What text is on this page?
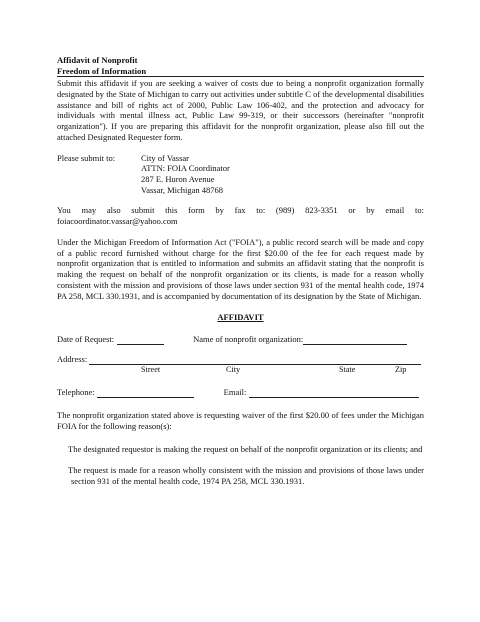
Affidavit of Nonprofit
Freedom of Information
Submit this affidavit if you are seeking a waiver of costs due to being a nonprofit organization formally designated by the State of Michigan to carry out activities under subtitle C of the developmental disabilities assistance and bill of rights act of 2000, Public Law 106-402, and the protection and advocacy for individuals with mental illness act, Public Law 99-319, or their successors (hereinafter "nonprofit organization"). If you are preparing this affidavit for the nonprofit organization, please also fill out the attached Designated Requester form.
Please submit to:	City of Vassar
ATTN: FOIA Coordinator
287 E. Huron Avenue
Vassar, Michigan 48768
You may also submit this form by fax to: (989) 823-3351 or by email to: foiacoordinator.vassar@yahoo.com
Under the Michigan Freedom of Information Act ("FOIA"), a public record search will be made and copy of a public record furnished without charge for the first $20.00 of the fee for each request made by nonprofit organization that is entitled to information and submits an affidavit stating that the nonprofit is making the request on behalf of the nonprofit organization or its clients, is made for a reason wholly consistent with the mission and provisions of those laws under section 931 of the mental health code, 1974 PA 258, MCL 330.1931, and is accompanied by documentation of its designation by the State of Michigan.
AFFIDAVIT
Date of Request:	Name of nonprofit organization:
Address:
Street	City	State	Zip
Telephone:	Email:
The nonprofit organization stated above is requesting waiver of the first $20.00 of fees under the Michigan FOIA for the following reason(s):
The designated requestor is making the request on behalf of the nonprofit organization or its clients; and
The request is made for a reason wholly consistent with the mission and provisions of those laws under section 931 of the mental health code, 1974 PA 258, MCL 330.1931.
